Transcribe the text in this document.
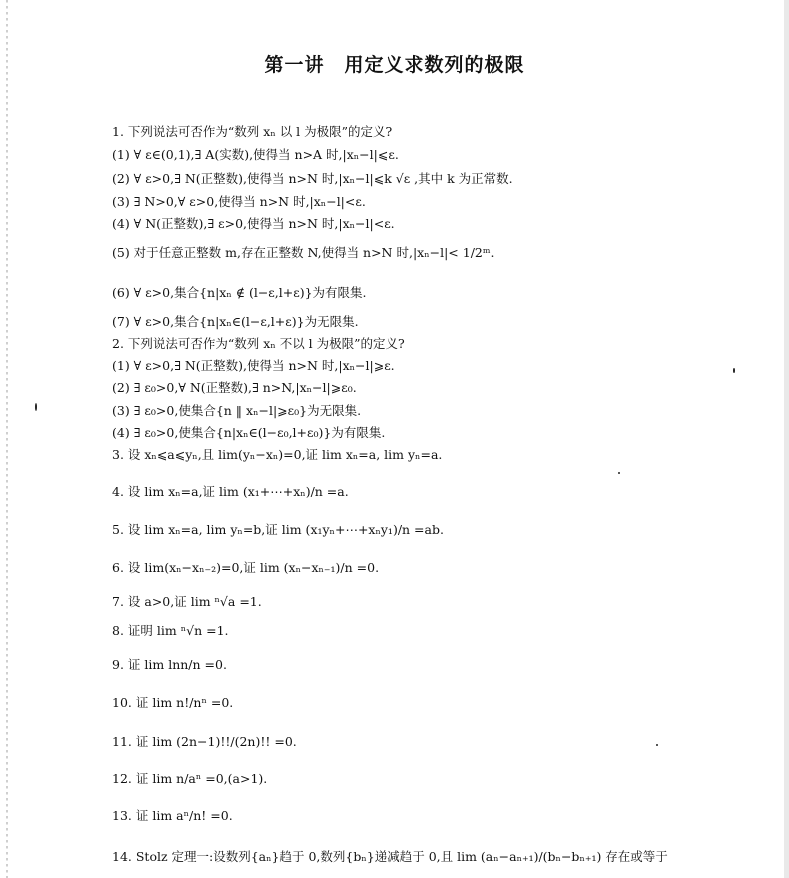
第一讲　用定义求数列的极限
1. 下列说法可否作为“数列 xₙ 以 l 为极限”的定义?
(1) ∀ ε∈(0,1),∃ A(实数),使得当 n>A 时,|xₙ−l|⩽ε.
(2) ∀ ε>0,∃ N(正整数),使得当 n>N 时,|xₙ−l|⩽k √ε ,其中 k 为正常数.
(3) ∃ N>0,∀ ε>0,使得当 n>N 时,|xₙ−l|<ε.
(4) ∀ N(正整数),∃ ε>0,使得当 n>N 时,|xₙ−l|<ε.
(5) 对于任意正整数 m,存在正整数 N,使得当 n>N 时,|xₙ−l|< 1/2ᵐ.
(6) ∀ ε>0,集合{n|xₙ ∉ (l−ε,l+ε)}为有限集.
(7) ∀ ε>0,集合{n|xₙ∈(l−ε,l+ε)}为无限集.
2. 下列说法可否作为“数列 xₙ 不以 l 为极限”的定义?
(1) ∀ ε>0,∃ N(正整数),使得当 n>N 时,|xₙ−l|⩾ε.
(2) ∃ ε₀>0,∀ N(正整数),∃ n>N,|xₙ−l|⩾ε₀.
(3) ∃ ε₀>0,使集合{n ‖ xₙ−l|⩾ε₀}为无限集.
(4) ∃ ε₀>0,使集合{n|xₙ∈(l−ε₀,l+ε₀)}为有限集.
3. 设 xₙ⩽a⩽yₙ,且 lim(yₙ−xₙ)=0,证 lim xₙ=a, lim yₙ=a.
4. 设 lim xₙ=a,证 lim (x₁+⋯+xₙ)/n =a.
5. 设 lim xₙ=a, lim yₙ=b,证 lim (x₁yₙ+⋯+xₙy₁)/n =ab.
6. 设 lim(xₙ−xₙ₋₂)=0,证 lim (xₙ−xₙ₋₁)/n =0.
7. 设 a>0,证 lim ⁿ√a =1.
8. 证明 lim ⁿ√n =1.
9. 证 lim lnn/n =0.
10. 证 lim n!/nⁿ =0.
11. 证 lim (2n−1)!!/(2n)!! =0.
12. 证 lim n/aⁿ =0,(a>1).
13. 证 lim aⁿ/n! =0.
14. Stolz 定理一:设数列{aₙ}趋于 0,数列{bₙ}递减趋于 0,且 lim (aₙ−aₙ₊₁)/(bₙ−bₙ₊₁) 存在或等于
